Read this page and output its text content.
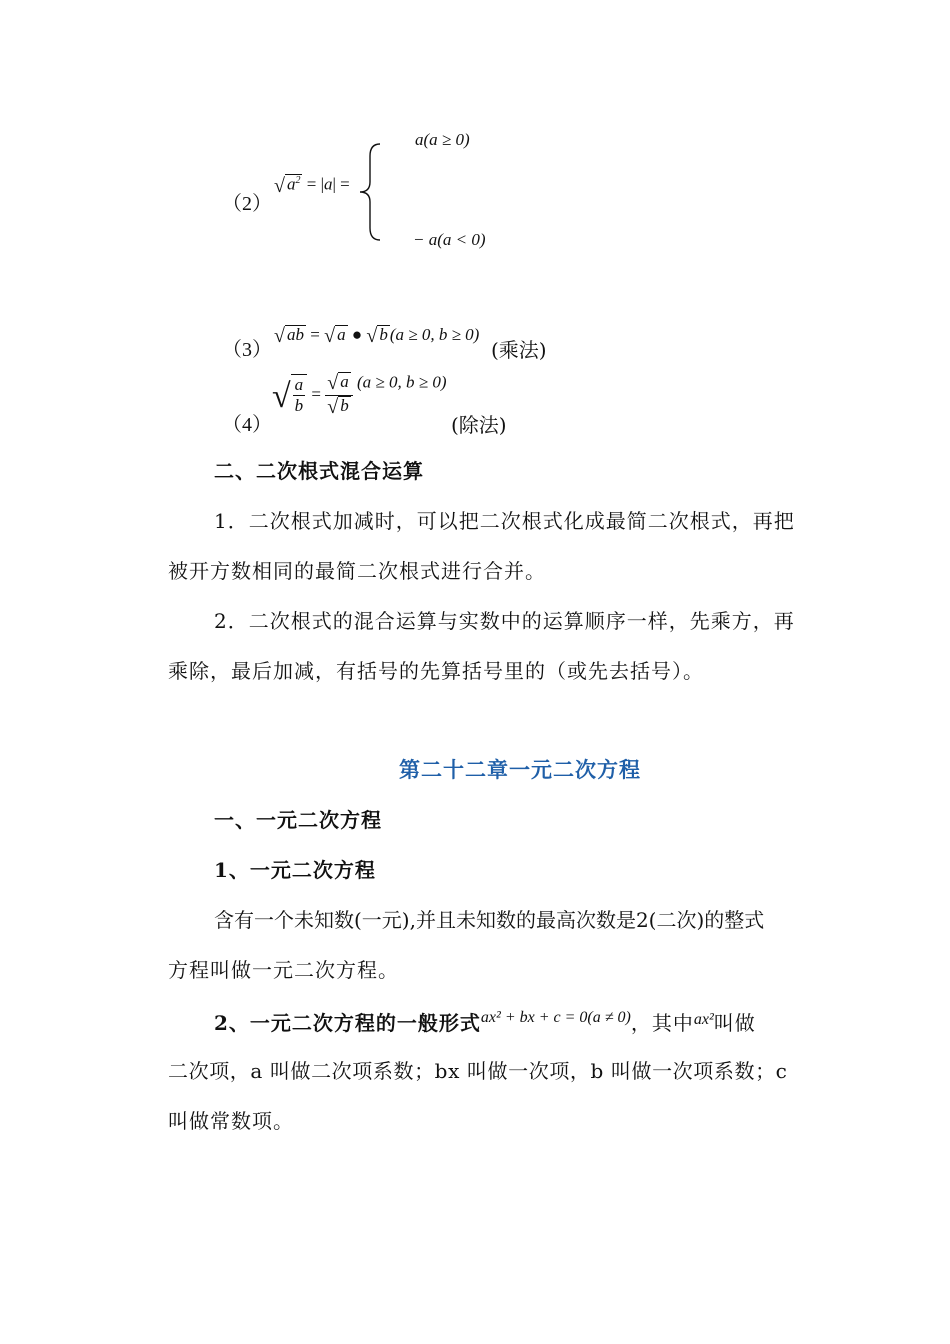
（2）
√ $a^2 = |a|$ =
a(a ≥ 0)
− a(a < 0)
（3）
√ ab = √ a ● √ b (a ≥ 0, b ≥ 0)
(乘法)
（4）
√ $\frac{a}{b} = \frac{√ a}{√ b} (a \ge 0$, b ≥ 0)
(除法)
二、二次根式混合运算
1．二次根式加减时，可以把二次根式化成最简二次根式，再把
被开方数相同的最简二次根式进行合并。
2．二次根式的混合运算与实数中的运算顺序一样，先乘方，再
乘除，最后加减，有括号的先算括号里的（或先去括号）。
第二十二章一元二次方程
一、一元二次方程
1、一元二次方程
含有一个未知数(一元),并且未知数的最高次数是2(二次)的整式
方程叫做一元二次方程。
2、一元二次方程的一般形式$^{ax^2 + bx + c = 0(a \ne 0)}$，其中$^{ax^2}$叫做
二次项，a 叫做二次项系数；bx 叫做一次项，b 叫做一次项系数；c
叫做常数项。
